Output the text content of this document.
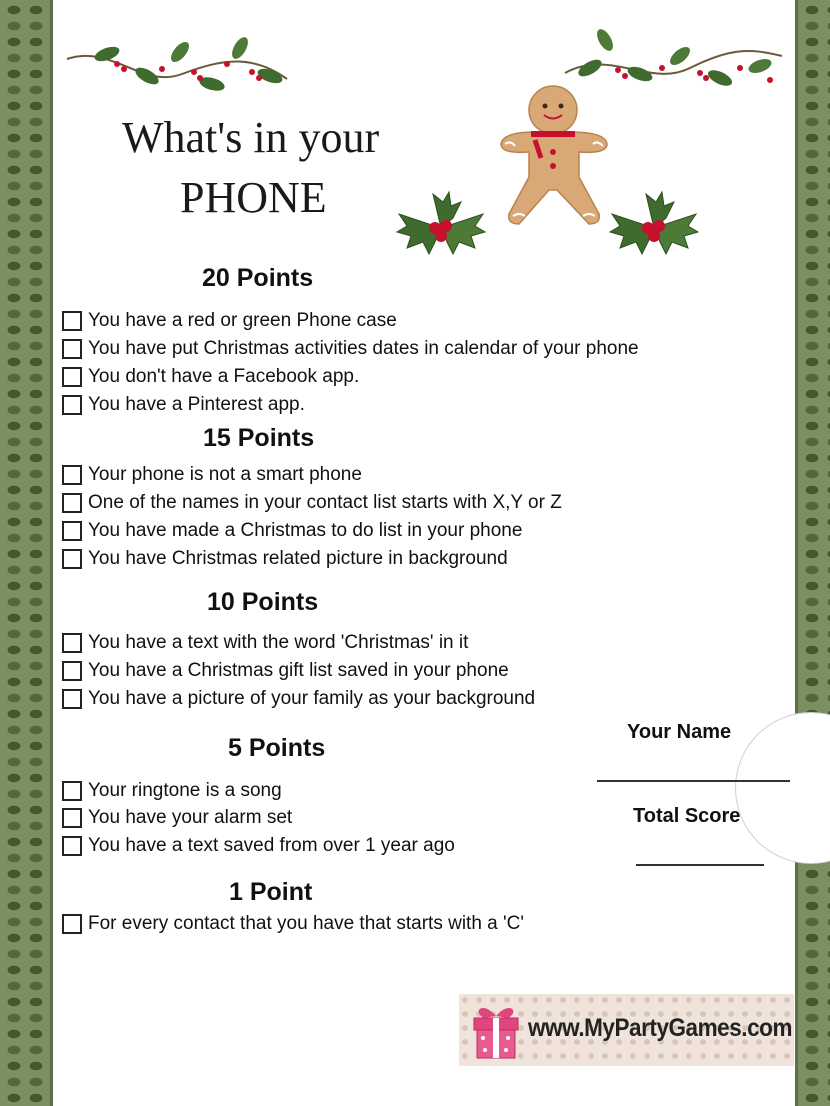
What's in your
PHONE
Your Name
Total Score
20 Points
You have a red or green Phone case
You have put Christmas activities dates in calendar of your phone
You don't have a Facebook app.
You have a Pinterest app.
15 Points
Your phone is not a smart phone
One of the names in your contact list starts with X,Y or Z
You have made a Christmas to do list in your phone
You have Christmas related picture in background
10 Points
You have a text with the word 'Christmas' in it
You have a Christmas gift list saved in your phone
You have a picture of your family as your background
5 Points
Your ringtone is a song
You have your alarm set
You have a text saved from over 1 year ago
1 Point
For every contact that you have that starts with a 'C'
www.MyPartyGames.com
